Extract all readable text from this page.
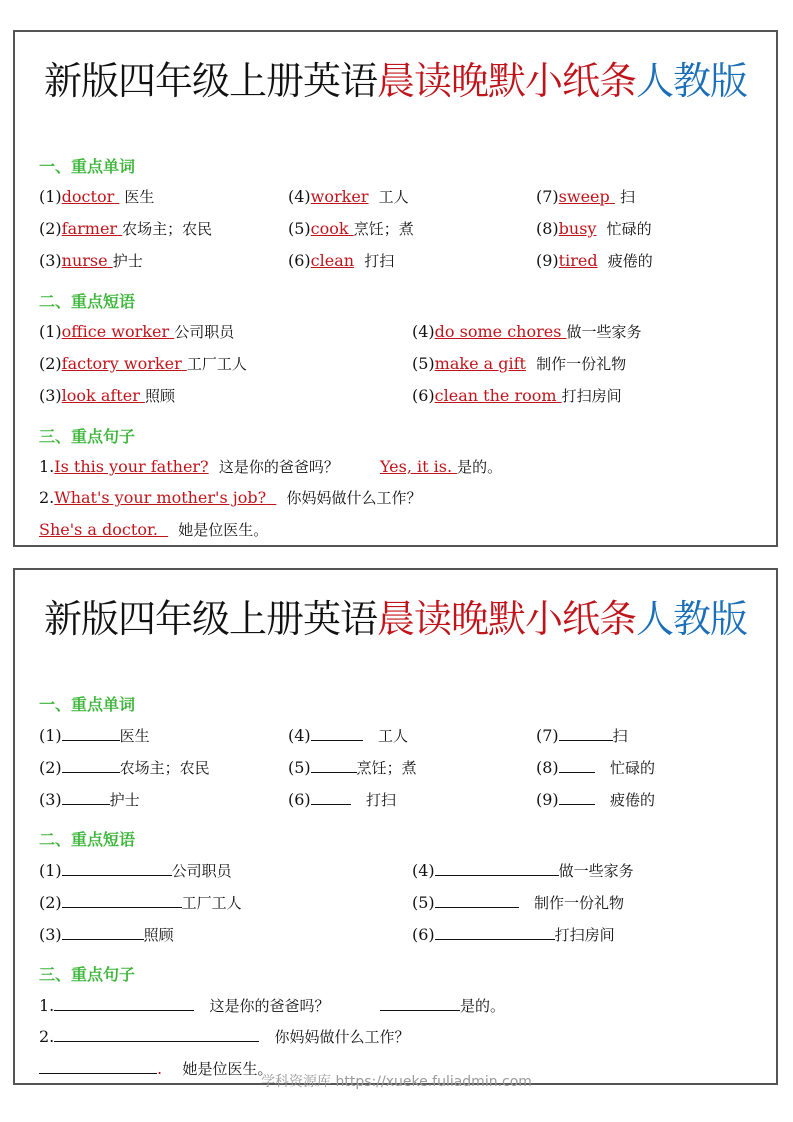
新版四年级上册英语晨读晚默小纸条人教版
一、重点单词
(1)doctor 医生
(2)farmer 农场主；农民
(3)nurse 护士
(4)worker 工人
(5)cook 烹饪；煮
(6)clean 打扫
(7)sweep 扫
(8)busy 忙碌的
(9)tired 疲倦的
二、重点短语
(1)office worker 公司职员
(2)factory worker 工厂工人
(3)look after 照顾
(4)do some chores 做一些家务
(5)make a gift 制作一份礼物
(6)clean the room 打扫房间
三、重点句子
1.Is this your father? 这是你的爸爸吗？	Yes, it is. 是的。
2.What's your mother's job? 你妈妈做什么工作？
She's a doctor. 她是位医生。
新版四年级上册英语晨读晚默小纸条人教版
一、重点单词
(1)	医生
(2)	农场主；农民
(3)	护士
(4)	工人
(5)	烹饪；煮
(6)	打扫
(7)	扫
(8)	忙碌的
(9)	疲倦的
二、重点短语
(1)	公司职员
(2)	工厂工人
(3)	照顾
(4)	做一些家务
(5)	制作一份礼物
(6)	打扫房间
三、重点句子
1.	这是你的爸爸吗？	是的。
2.	你妈妈做什么工作？
. 她是位医生。
学科资源库 https://xueke.fuliadmin.com
